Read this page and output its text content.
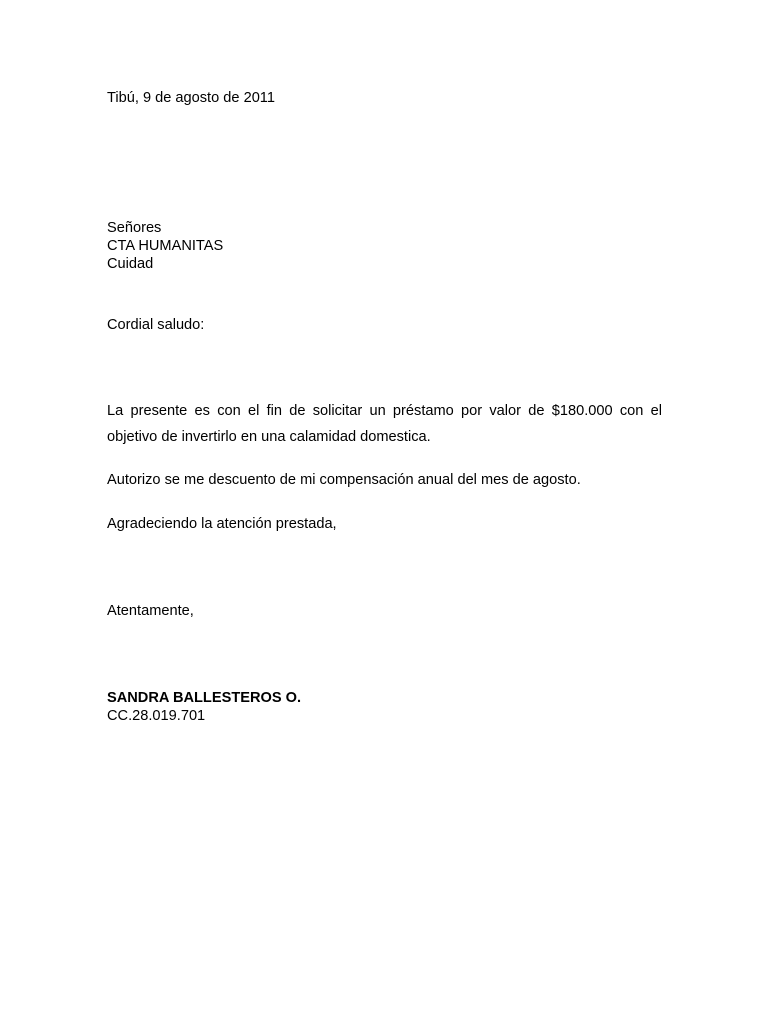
Tibú, 9 de agosto de 2011
Señores
CTA HUMANITAS
Cuidad
Cordial saludo:
La presente es con el fin de solicitar un préstamo por valor de $180.000 con el
objetivo de invertirlo en una calamidad domestica.
Autorizo se me descuento de mi compensación anual del mes de agosto.
Agradeciendo la atención prestada,
Atentamente,
SANDRA BALLESTEROS O.
CC.28.019.701
